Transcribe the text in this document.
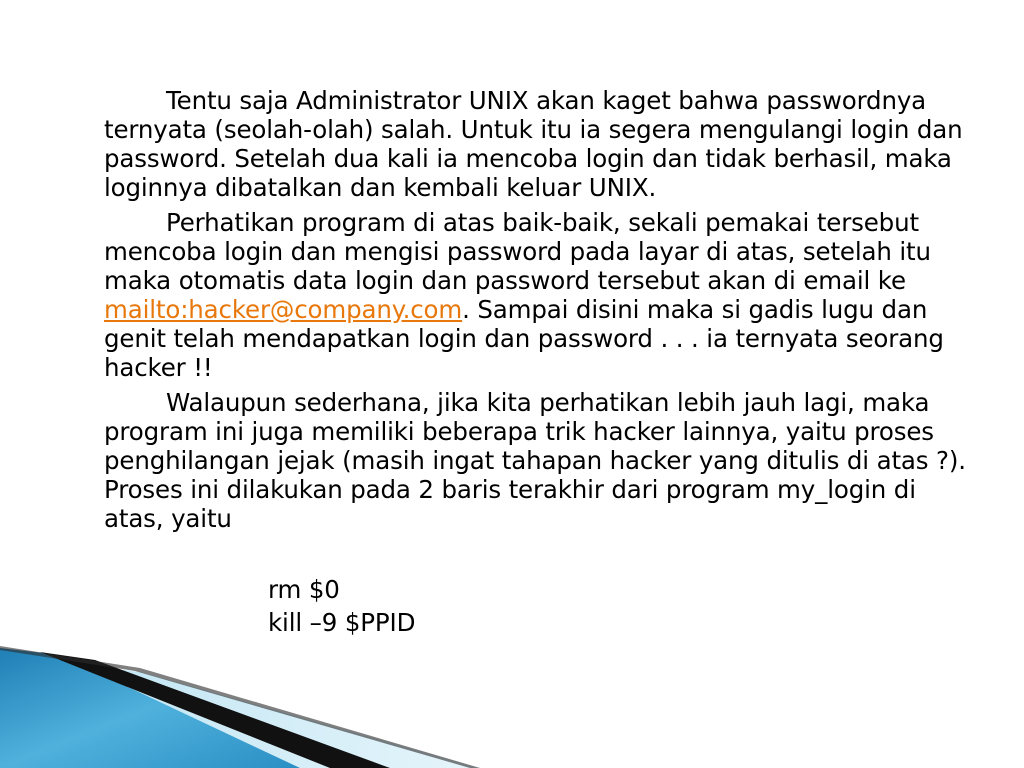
Tentu saja Administrator UNIX akan kaget bahwa passwordnya ternyata (seolah-olah) salah. Untuk itu ia segera mengulangi login dan password. Setelah dua kali ia mencoba login dan tidak berhasil, maka loginnya dibatalkan dan kembali keluar UNIX.

Perhatikan program di atas baik-baik, sekali pemakai tersebut mencoba login dan mengisi password pada layar di atas, setelah itu maka otomatis data login dan password tersebut akan di email ke mailto:hacker@company.com. Sampai disini maka si gadis lugu dan genit telah mendapatkan login dan password . . . ia ternyata seorang hacker !!

Walaupun sederhana, jika kita perhatikan lebih jauh lagi, maka program ini juga memiliki beberapa trik hacker lainnya, yaitu proses penghilangan jejak (masih ingat tahapan hacker yang ditulis di atas ?). Proses ini dilakukan pada 2 baris terakhir dari program my_login di atas, yaitu

rm $0
kill –9 $PPID
